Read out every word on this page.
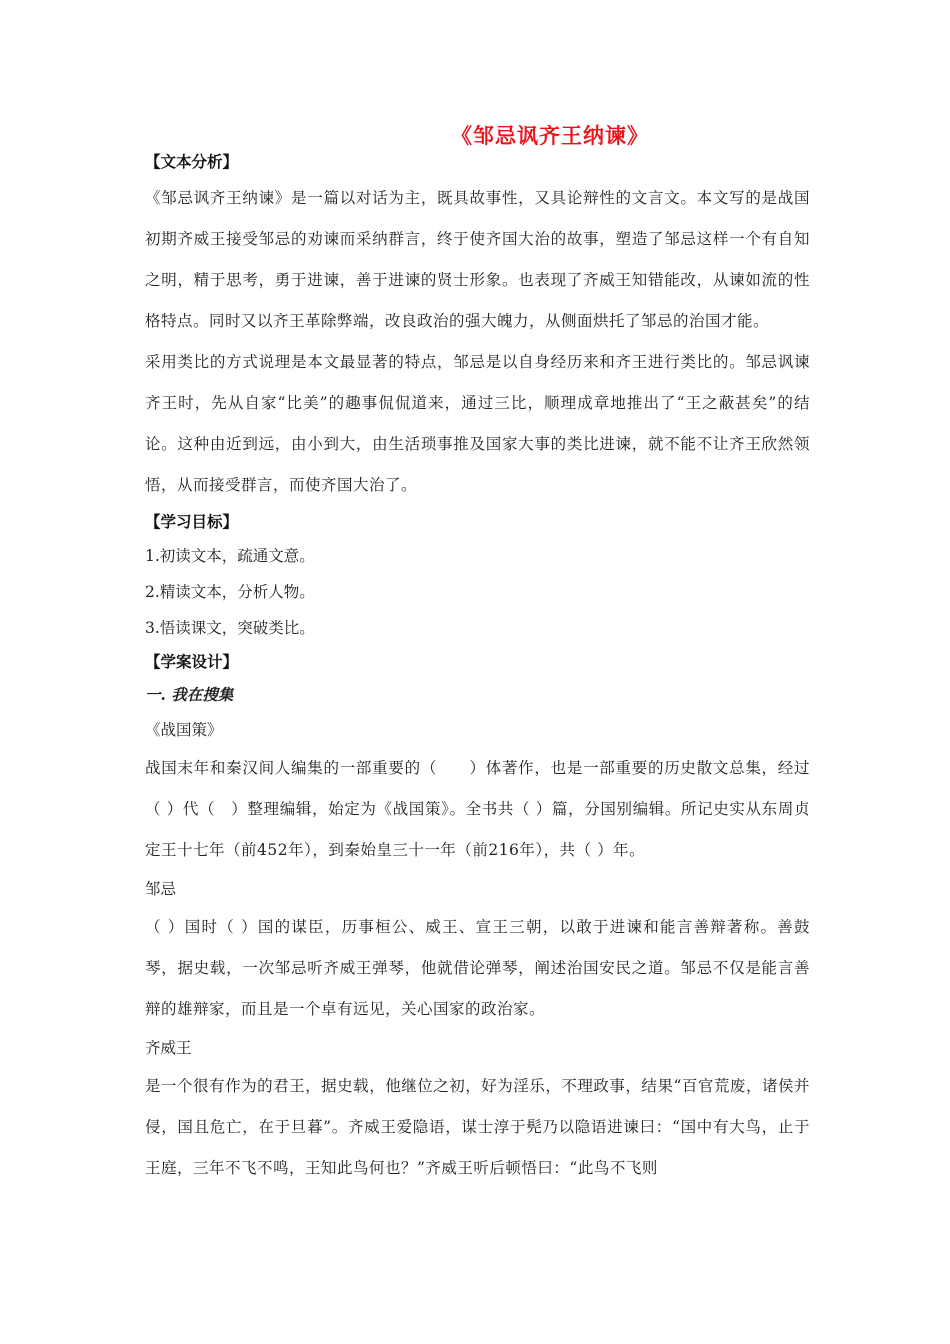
《邹忌讽齐王纳谏》
【文本分析】

《邹忌讽齐王纳谏》是一篇以对话为主，既具故事性，又具论辩性的文言文。本文写的是战国初期齐威王接受邹忌的劝谏而采纳群言，终于使齐国大治的故事，塑造了邹忌这样一个有自知之明，精于思考，勇于进谏，善于进谏的贤士形象。也表现了齐威王知错能改，从谏如流的性格特点。同时又以齐王革除弊端，改良政治的强大魄力，从侧面烘托了邹忌的治国才能。

采用类比的方式说理是本文最显著的特点，邹忌是以自身经历来和齐王进行类比的。邹忌讽谏齐王时，先从自家“比美”的趣事侃侃道来，通过三比，顺理成章地推出了“王之蔽甚矣”的结论。这种由近到远，由小到大，由生活琐事推及国家大事的类比进谏，就不能不让齐王欣然领悟，从而接受群言，而使齐国大治了。

【学习目标】

1.初读文本，疏通文意。

2.精读文本，分析人物。

3.悟读课文，突破类比。

【学案设计】

一. 我在搜集

《战国策》

战国末年和秦汉间人编集的一部重要的（　　）体著作，也是一部重要的历史散文总集，经过（ ）代（　）整理编辑，始定为《战国策》。全书共（ ）篇，分国别编辑。所记史实从东周贞定王十七年（前452年），到秦始皇三十一年（前216年），共（ ）年。

邹忌

（ ）国时（ ）国的谋臣，历事桓公、威王、宣王三朝，以敢于进谏和能言善辩著称。善鼓琴，据史载，一次邹忌听齐威王弹琴，他就借论弹琴，阐述治国安民之道。邹忌不仅是能言善辩的雄辩家，而且是一个卓有远见，关心国家的政治家。

齐威王

是一个很有作为的君王，据史载，他继位之初，好为淫乐，不理政事，结果“百官荒废，诸侯并侵，国且危亡，在于旦暮”。齐威王爱隐语，谋士淳于髡乃以隐语进谏曰：“国中有大鸟，止于王庭，三年不飞不鸣，王知此鸟何也？”齐威王听后顿悟曰：“此鸟不飞则
